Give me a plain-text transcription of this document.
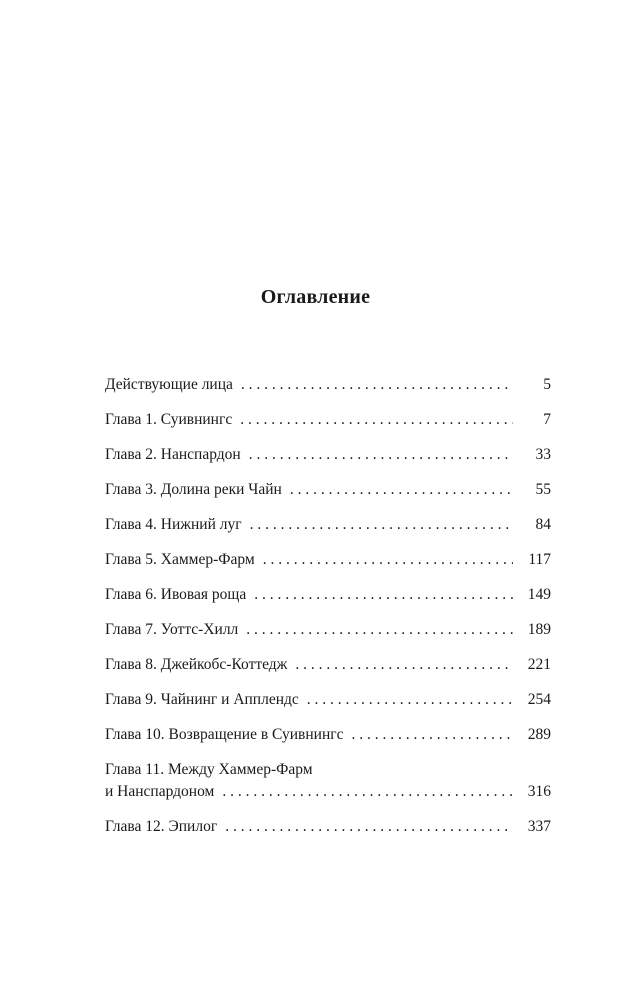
Оглавление
Действующие лица . . .	5
Глава 1. Суивнингс . . .	7
Глава 2. Нанспардон . . .	33
Глава 3. Долина реки Чайн . . .	55
Глава 4. Нижний луг . . .	84
Глава 5. Хаммер-Фарм . . .	117
Глава 6. Ивовая роща . . .	149
Глава 7. Уоттс-Хилл . . .	189
Глава 8. Джейкобс-Коттедж . . .	221
Глава 9. Чайнинг и Апплендс . . .	254
Глава 10. Возвращение в Суивнингс . . .	289
Глава 11. Между Хаммер-Фарм
и Нанспардоном . . .	316
Глава 12. Эпилог . . .	337
